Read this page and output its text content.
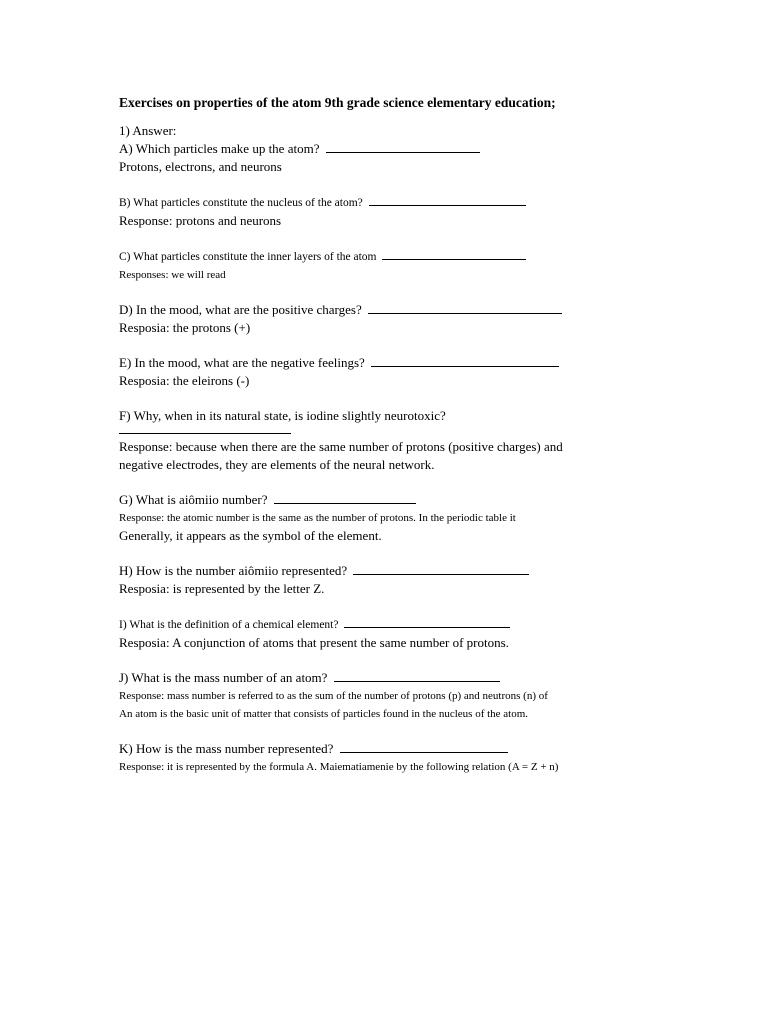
Exercises on properties of the atom 9th grade science elementary education;
1) Answer:
A) Which particles make up the atom?
Protons, electrons, and neurons
B) What particles constitute the nucleus of the atom?
Response: protons and neurons
C) What particles constitute the inner layers of the atom
Responses: we will read
D) In the mood, what are the positive charges?
Resposia: the protons (+)
E) In the mood, what are the negative feelings?
Resposia: the eleirons (-)
F) Why, when in its natural state, is iodine slightly neurotoxic?
Response: because when there are the same number of protons (positive charges) and
negative electrodes, they are elements of the neural network.
G) What is aiômiio number?
Response: the atomic number is the same as the number of protons. In the periodic table it
Generally, it appears as the symbol of the element.
H) How is the number aiômiio represented?
Resposia: is represented by the letter Z.
I) What is the definition of a chemical element?
Resposia: A conjunction of atoms that present the same number of protons.
J) What is the mass number of an atom?
Response: mass number is referred to as the sum of the number of protons (p) and neutrons (n) of
An atom is the basic unit of matter that consists of particles found in the nucleus of the atom.
K) How is the mass number represented?
Response: it is represented by the formula A. Maiematiamenie by the following relation (A = Z + n)
